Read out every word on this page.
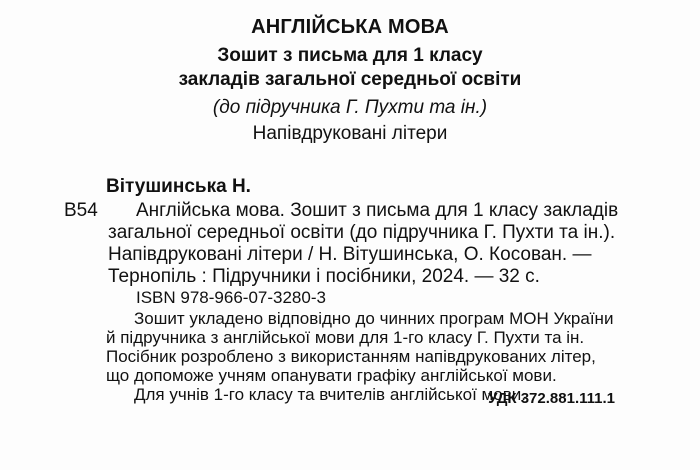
АНГЛІЙСЬКА МОВА
Зошит з письма для 1 класу
закладів загальної середньої освіти
(до підручника Г. Пухти та ін.)
Напівдруковані літери
Вітушинська Н.
В54	Англійська мова. Зошит з письма для 1 класу закладів
загальної середньої освіти (до підручника Г. Пухти та ін.).
Напівдруковані літери / Н. Вітушинська, О. Косован. —
Тернопіль : Підручники і посібники, 2024. — 32 с.
ISBN 978-966-07-3280-3
Зошит укладено відповідно до чинних програм МОН України
й підручника з англійської мови для 1-го класу Г. Пухти та ін.
Посібник розроблено з використанням напівдрукованих літер,
що допоможе учням опанувати графіку англійської мови.
Для учнів 1-го класу та вчителів англійської мови.
УДК 372.881.111.1
